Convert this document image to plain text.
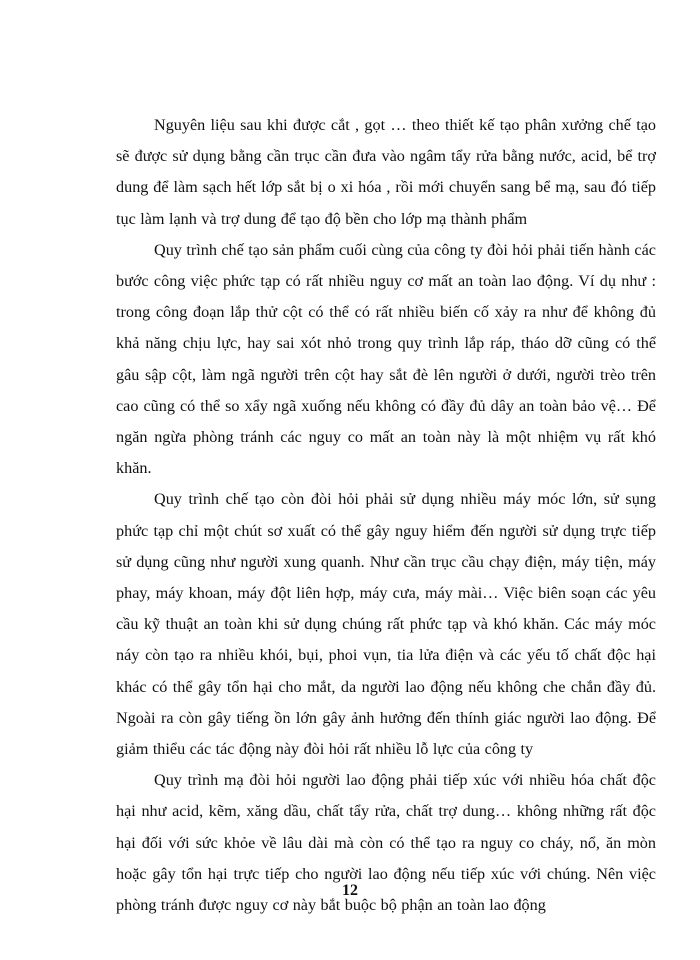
Nguyên liệu sau khi được cắt , gọt … theo thiết kế tạo phân xưởng chế tạo sẽ được sử dụng bằng cần trục cần đưa vào ngâm tẩy rửa bằng nước, acid, bể trợ dung để làm sạch hết lớp sắt bị o xi hóa , rồi mới chuyển sang bể mạ, sau đó tiếp tục làm lạnh và trợ dung để tạo độ bền cho lớp mạ thành phẩm

Quy trình chế tạo sản phẩm cuối cùng của công ty đòi hỏi phải tiến hành các bước công việc phức tạp có rất nhiều nguy cơ mất an toàn lao động. Ví dụ như : trong công đoạn lắp thử cột có thể có rất nhiều biến cố xảy ra như để không đủ khả năng chịu lực, hay sai xót nhỏ trong quy trình lắp ráp, tháo dỡ cũng có thể gâu sập cột, làm ngã người trên cột hay sắt đè lên người ở dưới, người trèo trên cao cũng có thể so xẩy ngã xuống nếu không có đầy đủ dây an toàn bảo vệ… Để ngăn ngừa phòng tránh các nguy co mất an toàn này là một nhiệm vụ rất khó khăn.

Quy trình chế tạo còn đòi hỏi phải sử dụng nhiều máy móc lớn, sử sụng phức tạp chỉ một chút sơ xuất có thể gây nguy hiểm đến người sử dụng trực tiếp sử dụng cũng như người xung quanh. Như cần trục cầu chạy điện, máy tiện, máy phay, máy khoan, máy đột liên hợp, máy cưa, máy mài… Việc biên soạn các yêu cầu kỹ thuật an toàn khi sử dụng chúng rất phức tạp và khó khăn. Các máy móc náy còn tạo ra nhiều khói, bụi, phoi vụn, tia lửa điện và các yếu tố chất độc hại khác có thể gây tổn hại cho mắt, da người lao động nếu không che chắn đầy đủ. Ngoài ra còn gây tiếng ồn lớn gây ảnh hưởng đến thính giác người lao động. Để giảm thiểu các tác động này đòi hỏi rất nhiều lỗ lực của công ty

Quy trình mạ đòi hỏi người lao động phải tiếp xúc với nhiều hóa chất độc hại như acid, kẽm, xăng dầu, chất tẩy rửa, chất trợ dung… không những rất độc hại đối với sức khỏe về lâu dài mà còn có thể tạo ra nguy co cháy, nổ, ăn mòn hoặc gây tổn hại trực tiếp cho người lao động nếu tiếp xúc với chúng. Nên việc phòng tránh được nguy cơ này bắt buộc bộ phận an toàn lao động

12
